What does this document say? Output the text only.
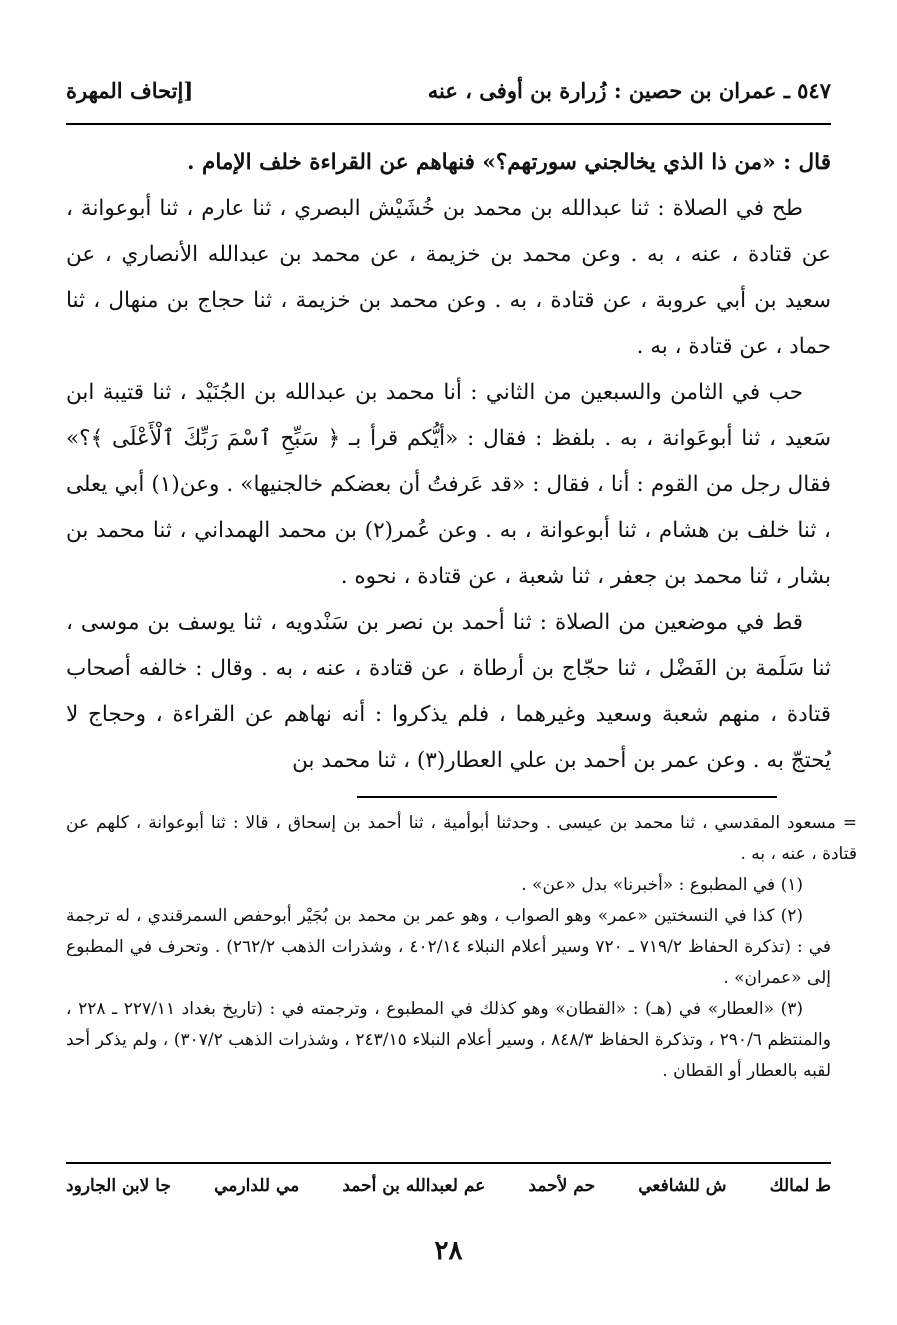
٥٤٧ ـ عمران بن حصين : زُرارة بن أوفى ، عنه
[إتحاف المهرة

قال : «من ذا الذي يخالجني سورتهم؟» فنهاهم عن القراءة خلف الإمام .

طح في الصلاة : ثنا عبدالله بن محمد بن خُشَيْش البصري ، ثنا عارم ، ثنا أبوعوانة ، عن قتادة ، عنه ، به . وعن محمد بن خزيمة ، عن محمد بن عبدالله الأنصاري ، عن سعيد بن أبي عروبة ، عن قتادة ، به . وعن محمد بن خزيمة ، ثنا حجاج بن منهال ، ثنا حماد ، عن قتادة ، به .

حب في الثامن والسبعين من الثاني : أنا محمد بن عبدالله بن الجُنَيْد ، ثنا قتيبة ابن سَعيد ، ثنا أبوعَوانة ، به . بلفظ : فقال : «أيُّكم قرأ بـ ﴿ سَبِّحِ ٱسْمَ رَبِّكَ ٱلْأَعْلَى ﴾؟» فقال رجل من القوم : أنا ، فقال : «قد عَرفتُ أن بعضكم خالجنيها» . وعن(١) أبي يعلى ، ثنا خلف بن هشام ، ثنا أبوعوانة ، به . وعن عُمر(٢) بن محمد الهمداني ، ثنا محمد بن بشار ، ثنا محمد بن جعفر ، ثنا شعبة ، عن قتادة ، نحوه .

قط في موضعين من الصلاة : ثنا أحمد بن نصر بن سَنْدويه ، ثنا يوسف بن موسى ، ثنا سَلَمة بن الفَضْل ، ثنا حجّاج بن أرطاة ، عن قتادة ، عنه ، به . وقال : خالفه أصحاب قتادة ، منهم شعبة وسعيد وغيرهما ، فلم يذكروا : أنه نهاهم عن القراءة ، وحجاج لا يُحتجّ به . وعن عمر بن أحمد بن علي العطار(٣) ، ثنا محمد بن

= مسعود المقدسي ، ثنا محمد بن عيسى . وحدثنا أبوأمية ، ثنا أحمد بن إسحاق ، قالا : ثنا أبوعوانة ، كلهم عن قتادة ، عنه ، به .

(١) في المطبوع : «أخبرنا» بدل «عن» .

(٢) كذا في النسختين «عمر» وهو الصواب ، وهو عمر بن محمد بن بُجَيْر أبوحفص السمرقندي ، له ترجمة في : (تذكرة الحفاظ ٧١٩/٢ ـ ٧٢٠ وسير أعلام النبلاء ٤٠٢/١٤ ، وشذرات الذهب ٢٦٢/٢) . وتحرف في المطبوع إلى «عمران» .

(٣) «العطار» في (هـ) : «القطان» وهو كذلك في المطبوع ، وترجمته في : (تاريخ بغداد ٢٢٧/١١ ـ ٢٢٨ ، والمنتظم ٢٩٠/٦ ، وتذكرة الحفاظ ٨٤٨/٣ ، وسير أعلام النبلاء ٢٤٣/١٥ ، وشذرات الذهب ٣٠٧/٢) ، ولم يذكر أحد لقبه بالعطار أو القطان .

ط لمالك
ش للشافعي
حم لأحمد
عم لعبدالله بن أحمد
مي للدارمي
جا لابن الجارود
٢٨
